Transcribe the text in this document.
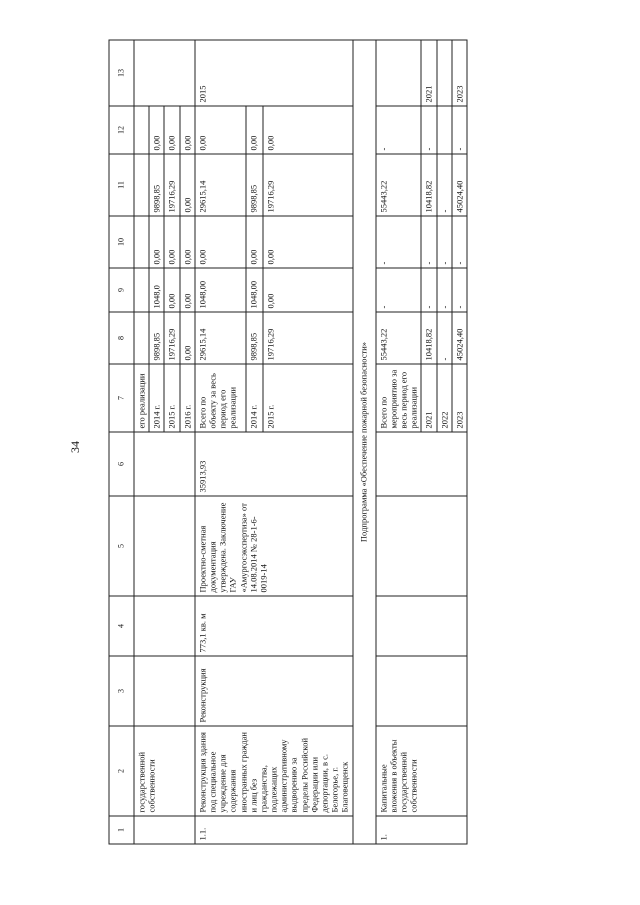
34
1	2	3	4	5	6	7	8	9	10	11	12	13
	государственной собственности					его реализации						
						2014 г.	9898,85	1048,0	0,00	9898,85	0,00	
						2015 г.	19716,29	0,00	0,00	19716,29	0,00	
						2016 г.	0,00	0,00	0,00	0,00	0,00	
1.1.	Реконструкция здания под специальное учреждение для содержания иностранных граждан и лиц без гражданства, подлежащих административному выдворению за пределы Российской Федерации или депортации, в с. Белогорье, г. Благовещенск	Реконструкция	773,1 кв. м	Проектно-сметная документация утверждена. Заключение ГАУ «Амургосэкспертиза» от 14.08.2014 № 28-1-6-0019-14	35913,93	Всего по объекту за весь период его реализации	29615,14	1048,00	0,00	29615,14	0,00	2015
						2014 г.	9898,85	1048,00	0,00	9898,85	0,00	
						2015 г.	19716,29	0,00	0,00	19716,29	0,00	
Подпрограмма «Обеспечение пожарной безопасности»												
1.	Капитальные вложения в объекты государственной собственности					Всего по мероприятию за весь период его реализации	55443,22	-	-	55443,22	-	
						2021	10418,82	-	-	10418,82	-	2021
						2022	-	-	-	-		
						2023	45024,40	-	-	45024,40	-	2023
